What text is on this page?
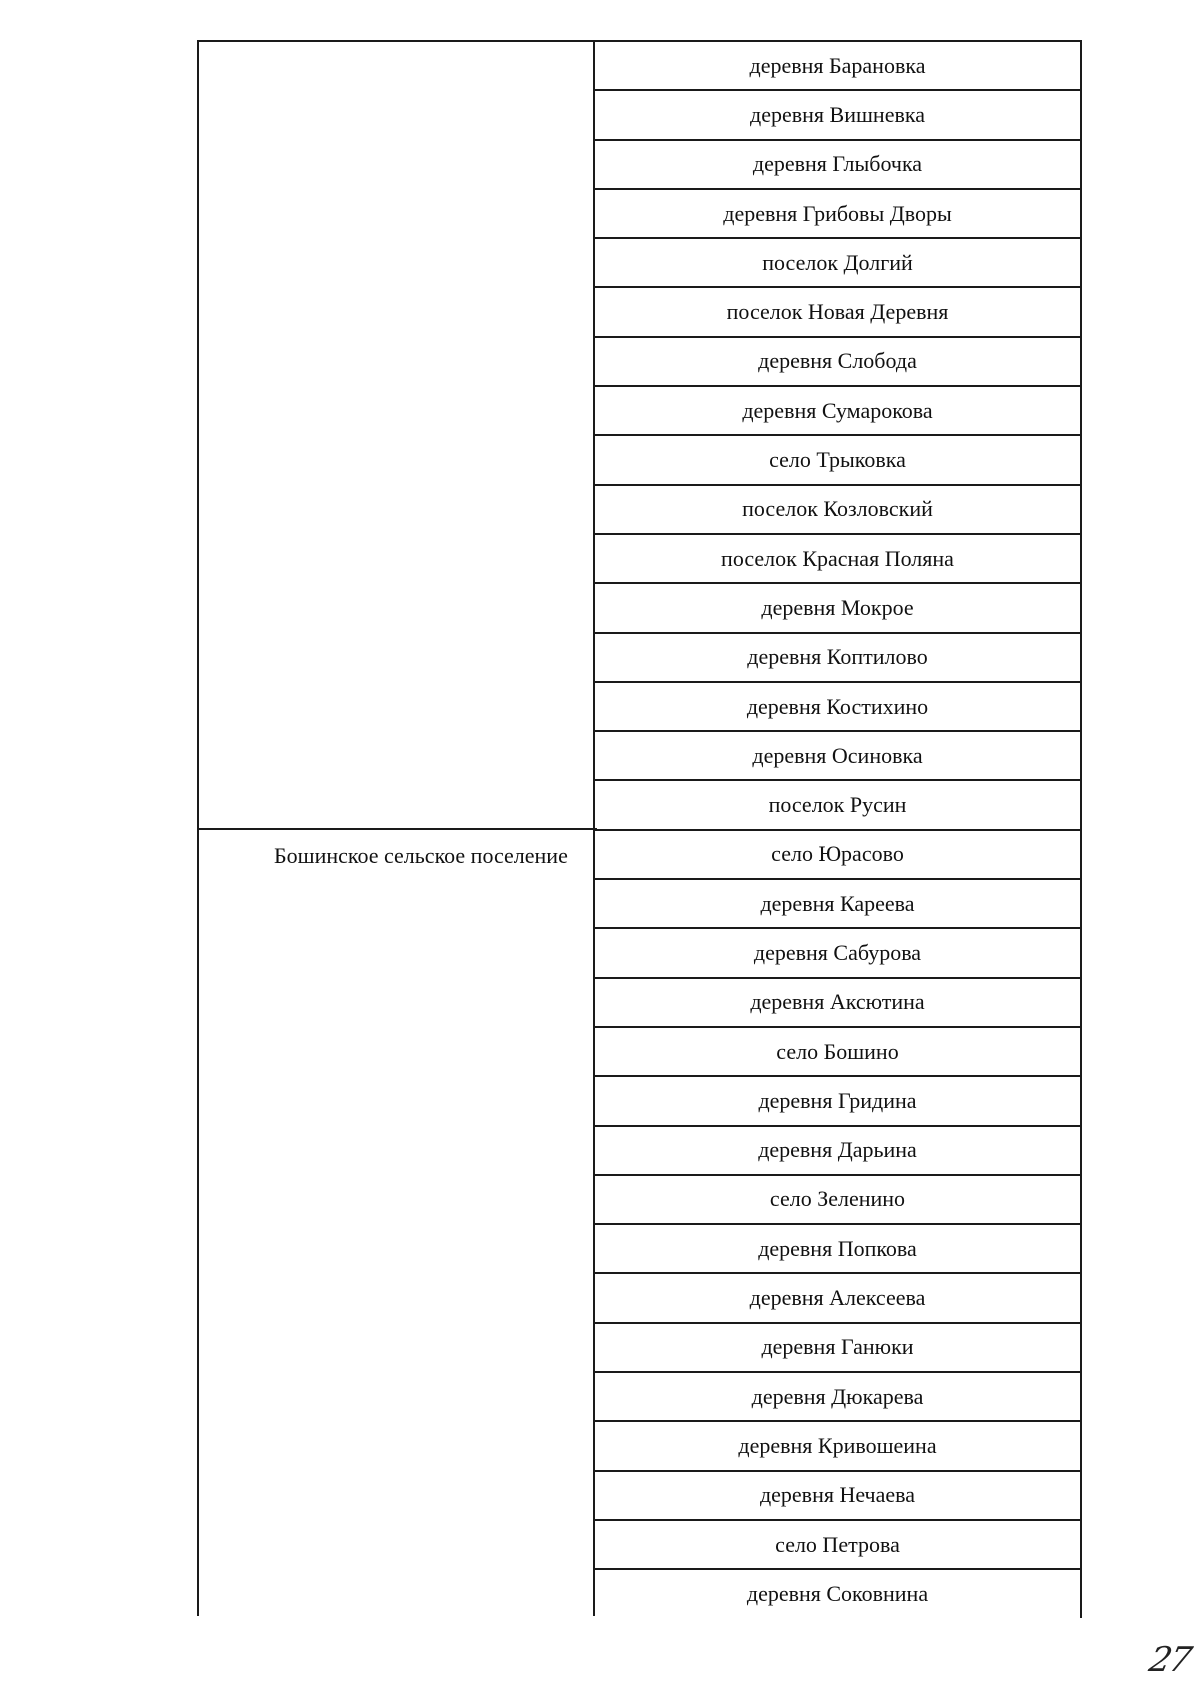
Бошинское сельское поселение
деревня Барановка
деревня Вишневка
деревня Глыбочка
деревня Грибовы Дворы
поселок Долгий
поселок Новая Деревня
деревня Слобода
деревня Сумарокова
село Трыковка
поселок Козловский
поселок Красная Поляна
деревня Мокрое
деревня Коптилово
деревня Костихино
деревня Осиновка
поселок Русин
село Юрасово
деревня Кареева
деревня Сабурова
деревня Аксютина
село Бошино
деревня Гридина
деревня Дарьина
село Зеленино
деревня Попкова
деревня Алексеева
деревня Ганюки
деревня Дюкарева
деревня Кривошеина
деревня Нечаева
село Петрова
деревня Соковнина
27
